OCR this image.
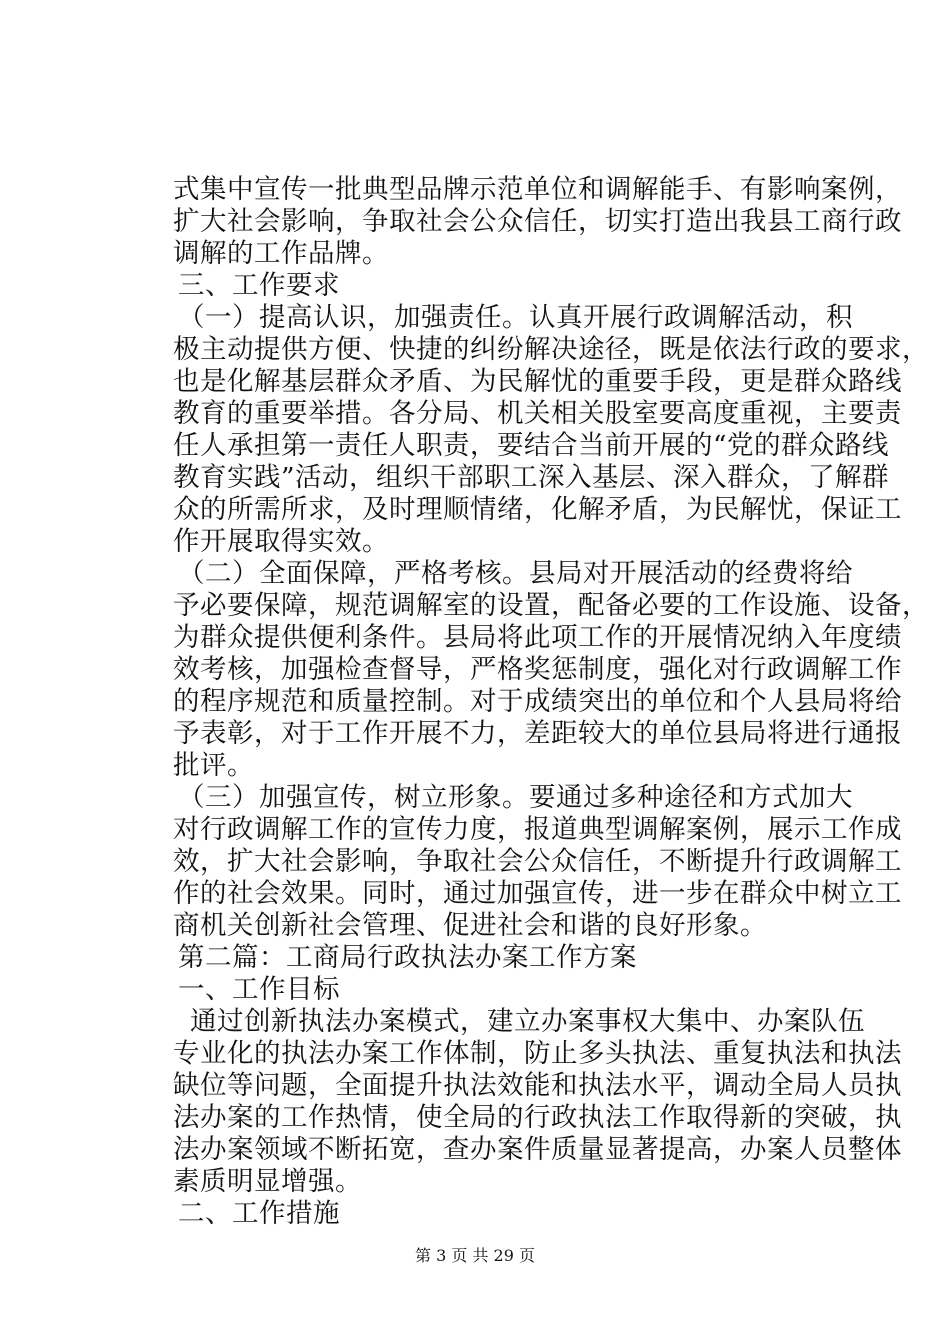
式集中宣传一批典型品牌示范单位和调解能手、有影响案例，
扩大社会影响，争取社会公众信任，切实打造出我县工商行政
调解的工作品牌。
三、工作要求
（一）提高认识，加强责任。认真开展行政调解活动，积
极主动提供方便、快捷的纠纷解决途径，既是依法行政的要求，
也是化解基层群众矛盾、为民解忧的重要手段，更是群众路线
教育的重要举措。各分局、机关相关股室要高度重视，主要责
任人承担第一责任人职责，要结合当前开展的“党的群众路线
教育实践”活动，组织干部职工深入基层、深入群众，了解群
众的所需所求，及时理顺情绪，化解矛盾，为民解忧，保证工
作开展取得实效。
（二）全面保障，严格考核。县局对开展活动的经费将给
予必要保障，规范调解室的设置，配备必要的工作设施、设备，
为群众提供便利条件。县局将此项工作的开展情况纳入年度绩
效考核，加强检查督导，严格奖惩制度，强化对行政调解工作
的程序规范和质量控制。对于成绩突出的单位和个人县局将给
予表彰，对于工作开展不力，差距较大的单位县局将进行通报
批评。
（三）加强宣传，树立形象。要通过多种途径和方式加大
对行政调解工作的宣传力度，报道典型调解案例，展示工作成
效，扩大社会影响，争取社会公众信任，不断提升行政调解工
作的社会效果。同时，通过加强宣传，进一步在群众中树立工
商机关创新社会管理、促进社会和谐的良好形象。
第二篇：工商局行政执法办案工作方案
一、工作目标
通过创新执法办案模式，建立办案事权大集中、办案队伍
专业化的执法办案工作体制，防止多头执法、重复执法和执法
缺位等问题，全面提升执法效能和执法水平，调动全局人员执
法办案的工作热情，使全局的行政执法工作取得新的突破，执
法办案领域不断拓宽，查办案件质量显著提高，办案人员整体
素质明显增强。
二、工作措施
第 3 页 共 29 页
